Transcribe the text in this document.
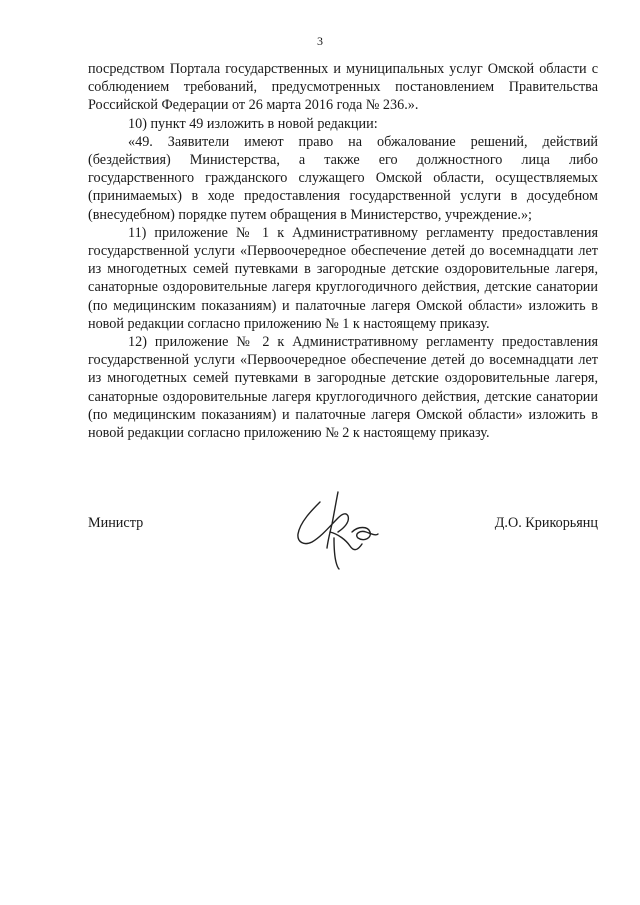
3

посредством Портала государственных и муниципальных услуг Омской области с соблюдением требований, предусмотренных постановлением Правительства Российской Федерации от 26 марта 2016 года № 236.».

10) пункт 49 изложить в новой редакции:

«49. Заявители имеют право на обжалование решений, действий (бездействия) Министерства, а также его должностного лица либо государственного гражданского служащего Омской области, осуществляемых (принимаемых) в ходе предоставления государственной услуги в досудебном (внесудебном) порядке путем обращения в Министерство, учреждение.»;

11) приложение № 1 к Административному регламенту предоставления государственной услуги «Первоочередное обеспечение детей до восемнадцати лет из многодетных семей путевками в загородные детские оздоровительные лагеря, санаторные оздоровительные лагеря круглогодичного действия, детские санатории (по медицинским показаниям) и палаточные лагеря Омской области» изложить в новой редакции согласно приложению № 1 к настоящему приказу.

12) приложение № 2 к Административному регламенту предоставления государственной услуги «Первоочередное обеспечение детей до восемнадцати лет из многодетных семей путевками в загородные детские оздоровительные лагеря, санаторные оздоровительные лагеря круглогодичного действия, детские санатории (по медицинским показаниям) и палаточные лагеря Омской области» изложить в новой редакции согласно приложению № 2 к настоящему приказу.

Министр	Д.О. Крикорьянц
